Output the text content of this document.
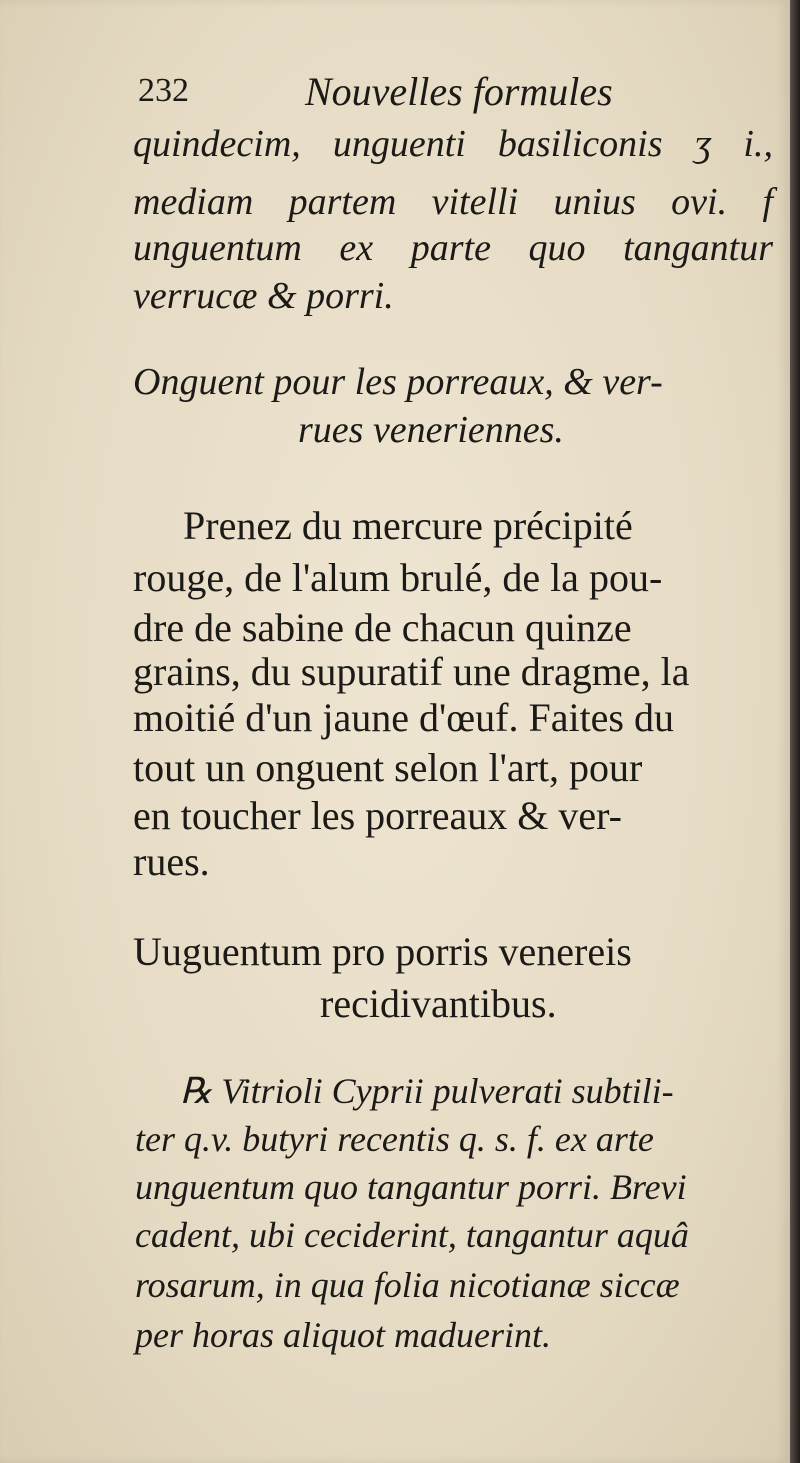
232	Nouvelles formules
quindecim, unguenti basiliconis ʒ i.,
mediam partem vitelli unius ovi. f
unguentum ex parte quo tangantur
verrucæ & porri.
Onguent pour les porreaux, & ver-
rues veneriennes.
Prenez du mercure précipité
rouge, de l'alum brulé, de la pou-
dre de sabine de chacun quinze
grains, du supuratif une dragme, la
moitié d'un jaune d'œuf. Faites du
tout un onguent selon l'art, pour
en toucher les porreaux & ver-
rues.
Uuguentum pro porris venereis
recidivantibus.
℞ Vitrioli Cyprii pulverati subtili-
ter q.v. butyri recentis q. s. f. ex arte
unguentum quo tangantur porri. Brevi
cadent, ubi ceciderint, tangantur aquâ
rosarum, in qua folia nicotianæ siccæ
per horas aliquot maduerint.
